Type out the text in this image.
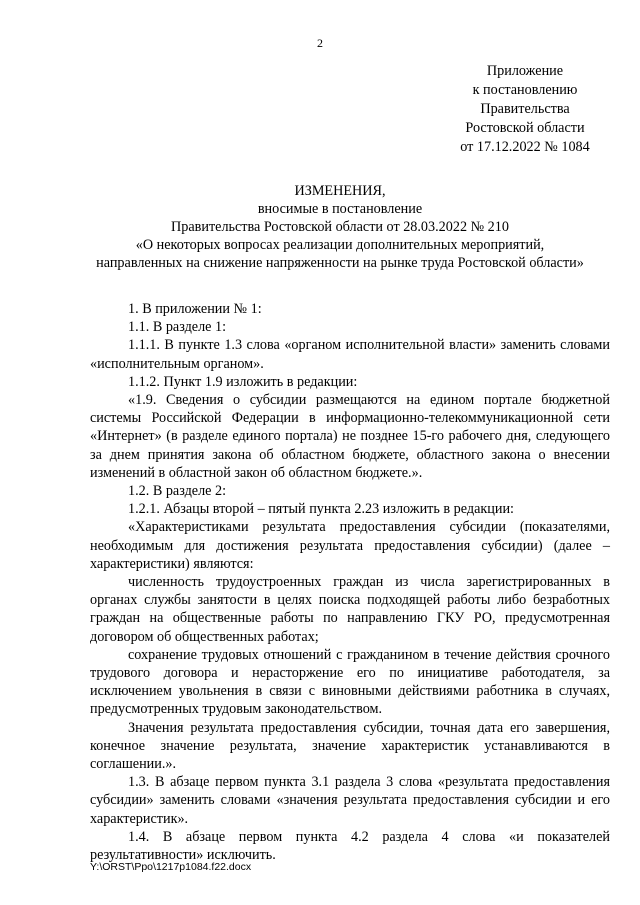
2
Приложение
к постановлению
Правительства
Ростовской области
от 17.12.2022 № 1084
ИЗМЕНЕНИЯ,
вносимые в постановление
Правительства Ростовской области от 28.03.2022 № 210
«О некоторых вопросах реализации дополнительных мероприятий,
направленных на снижение напряженности на рынке труда Ростовской области»

1. В приложении № 1:

1.1. В разделе 1:

1.1.1. В пункте 1.3 слова «органом исполнительной власти» заменить словами «исполнительным органом».

1.1.2. Пункт 1.9 изложить в редакции:

«1.9. Сведения о субсидии размещаются на едином портале бюджетной системы Российской Федерации в информационно-телекоммуникационной сети «Интернет» (в разделе единого портала) не позднее 15-го рабочего дня, следующего за днем принятия закона об областном бюджете, областного закона о внесении изменений в областной закон об областном бюджете.».

1.2. В разделе 2:

1.2.1. Абзацы второй – пятый пункта 2.23 изложить в редакции:

«Характеристиками результата предоставления субсидии (показателями, необходимым для достижения результата предоставления субсидии) (далее – характеристики) являются:

численность трудоустроенных граждан из числа зарегистрированных в органах службы занятости в целях поиска подходящей работы либо безработных граждан на общественные работы по направлению ГКУ РО, предусмотренная договором об общественных работах;

сохранение трудовых отношений с гражданином в течение действия срочного трудового договора и нерасторжение его по инициативе работодателя, за исключением увольнения в связи с виновными действиями работника в случаях, предусмотренных трудовым законодательством.

Значения результата предоставления субсидии, точная дата его завершения, конечное значение результата, значение характеристик устанавливаются в соглашении.».

1.3. В абзаце первом пункта 3.1 раздела 3 слова «результата предоставления субсидии» заменить словами «значения результата предоставления субсидии и его характеристик».

1.4. В абзаце первом пункта 4.2 раздела 4 слова «и показателей результативности» исключить.

Y:\ORST\Ppo\1217p1084.f22.docx
